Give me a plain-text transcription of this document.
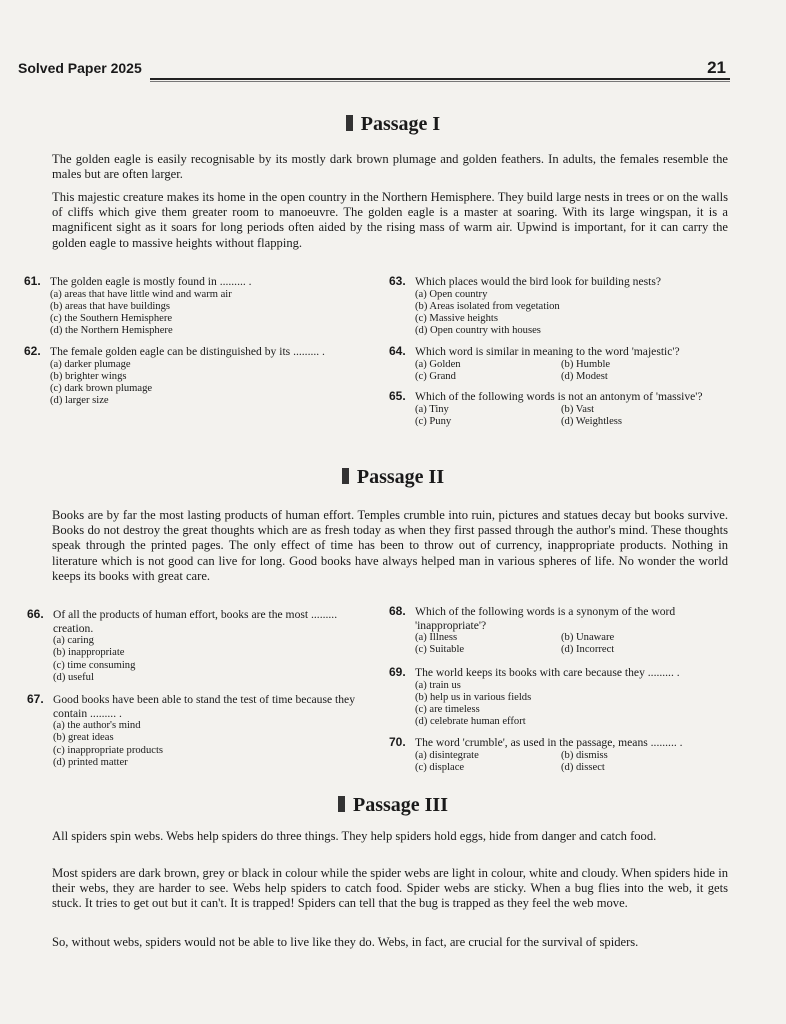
Solved Paper 2025	21
Passage I

The golden eagle is easily recognisable by its mostly dark brown plumage and golden feathers. In adults, the females resemble the males but are often larger.

This majestic creature makes its home in the open country in the Northern Hemisphere. They build large nests in trees or on the walls of cliffs which give them greater room to manoeuvre. The golden eagle is a master at soaring. With its large wingspan, it is a magnificent sight as it soars for long periods often aided by the rising mass of warm air. Upwind is important, for it can carry the golden eagle to massive heights without flapping.

61. The golden eagle is mostly found in ......... .

(a) areas that have little wind and warm air
(b) areas that have buildings
(c) the Southern Hemisphere
(d) the Northern Hemisphere
62. The female golden eagle can be distinguished by its ......... .

(a) darker plumage
(b) brighter wings
(c) dark brown plumage
(d) larger size
63. Which places would the bird look for building nests?

(a) Open country
(b) Areas isolated from vegetation
(c) Massive heights
(d) Open country with houses
64. Which word is similar in meaning to the word 'majestic'?

(a) Golden	(b) Humble
(c) Grand	(d) Modest
65. Which of the following words is not an antonym of 'massive'?

(a) Tiny	(b) Vast
(c) Puny	(d) Weightless
Passage II

Books are by far the most lasting products of human effort. Temples crumble into ruin, pictures and statues decay but books survive. Books do not destroy the great thoughts which are as fresh today as when they first passed through the author's mind. These thoughts speak through the printed pages. The only effect of time has been to throw out of currency, inappropriate products. Nothing in literature which is not good can live for long. Good books have always helped man in various spheres of life. No wonder the world keeps its books with great care.

66. Of all the products of human effort, books are the most ......... creation.

(a) caring
(b) inappropriate
(c) time consuming
(d) useful
67. Good books have been able to stand the test of time because they contain ......... .

(a) the author's mind
(b) great ideas
(c) inappropriate products
(d) printed matter
68. Which of the following words is a synonym of the word 'inappropriate'?

(a) Illness	(b) Unaware
(c) Suitable	(d) Incorrect
69. The world keeps its books with care because they ......... .

(a) train us
(b) help us in various fields
(c) are timeless
(d) celebrate human effort
70. The word 'crumble', as used in the passage, means ......... .

(a) disintegrate	(b) dismiss
(c) displace	(d) dissect
Passage III

All spiders spin webs. Webs help spiders do three things. They help spiders hold eggs, hide from danger and catch food.

Most spiders are dark brown, grey or black in colour while the spider webs are light in colour, white and cloudy. When spiders hide in their webs, they are harder to see. Webs help spiders to catch food. Spider webs are sticky. When a bug flies into the web, it gets stuck. It tries to get out but it can't. It is trapped! Spiders can tell that the bug is trapped as they feel the web move.

So, without webs, spiders would not be able to live like they do. Webs, in fact, are crucial for the survival of spiders.
